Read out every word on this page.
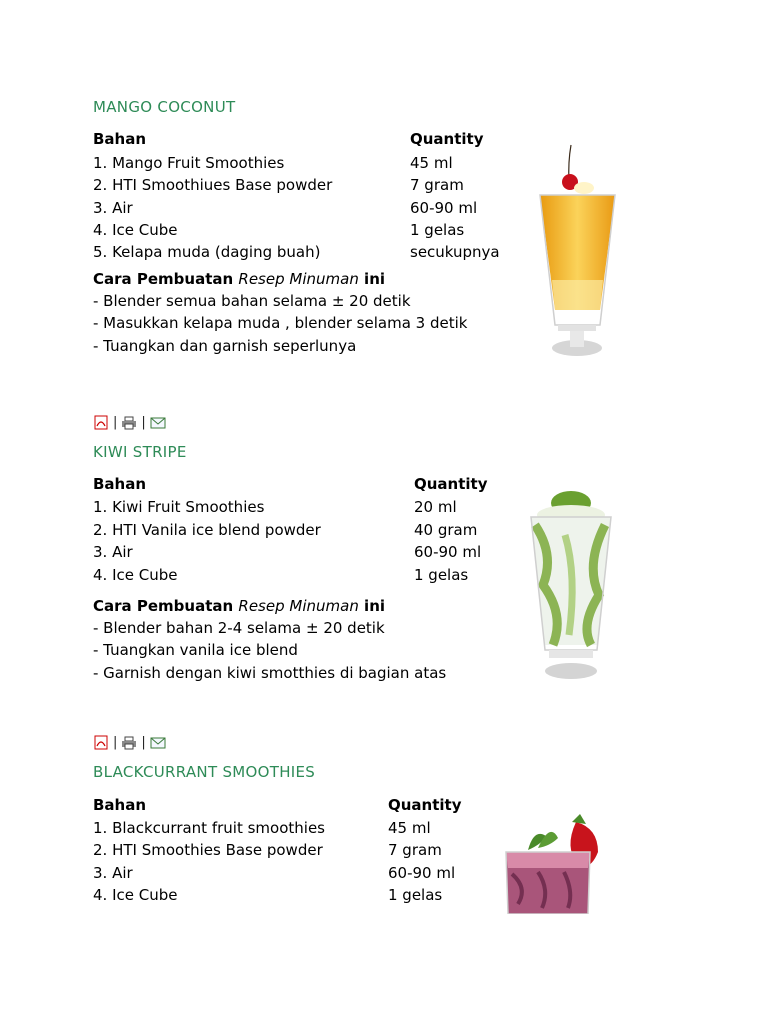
MANGO COCONUT
Bahan	Quantity
1. Mango Fruit Smoothies	45 ml
2. HTI Smoothiues Base powder	7 gram
3. Air	60-90 ml
4. Ice Cube	1 gelas
5. Kelapa muda (daging buah)	secukupnya
Cara Pembuatan Resep Minuman ini
- Blender semua bahan selama ± 20 detik
- Masukkan kelapa muda , blender selama 3 detik
- Tuangkan dan garnish seperlunya
| |
KIWI STRIPE
Bahan	Quantity
1. Kiwi Fruit Smoothies	20 ml
2. HTI Vanila ice blend powder	40 gram
3. Air	60-90 ml
4. Ice Cube	1 gelas
Cara Pembuatan Resep Minuman ini
- Blender bahan 2-4 selama ± 20 detik
- Tuangkan vanila ice blend
- Garnish dengan kiwi smotthies di bagian atas
| |
BLACKCURRANT SMOOTHIES
Bahan	Quantity
1. Blackcurrant fruit smoothies	45 ml
2. HTI Smoothies Base powder	7 gram
3. Air	60-90 ml
4. Ice Cube	1 gelas
